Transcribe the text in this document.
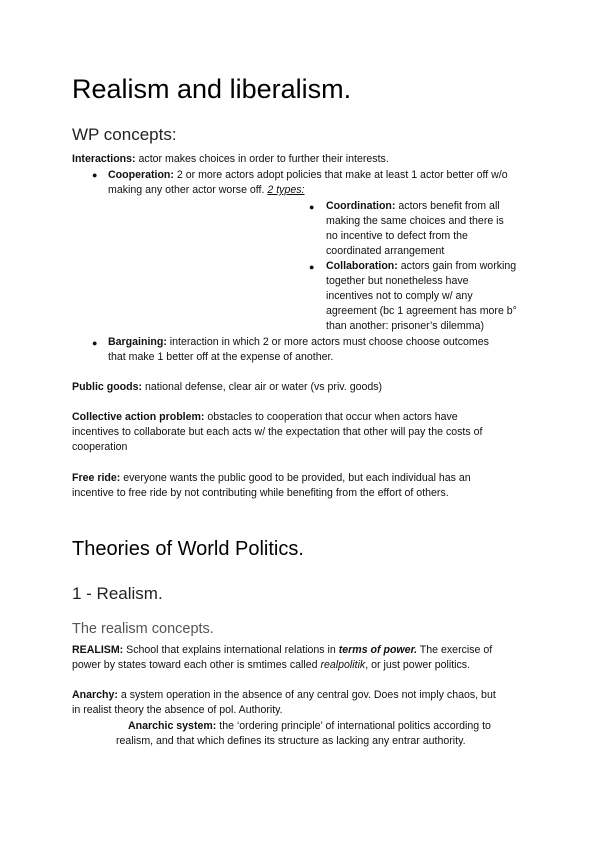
Realism and liberalism.
WP concepts:
Interactions: actor makes choices in order to further their interests.
● Cooperation: 2 or more actors adopt policies that make at least 1 actor better off w/o
making any other actor worse off. 2 types:
● Coordination: actors benefit from all
making the same choices and there is
no incentive to defect from the
coordinated arrangement
● Collaboration: actors gain from working
together but nonetheless have
incentives not to comply w/ any
agreement (bc 1 agreement has more b°
than another: prisoner’s dilemma)
● Bargaining: interaction in which 2 or more actors must choose choose outcomes
that make 1 better off at the expense of another.
Public goods: national defense, clear air or water (vs priv. goods)
Collective action problem: obstacles to cooperation that occur when actors have
incentives to collaborate but each acts w/ the expectation that other will pay the costs of
cooperation
Free ride: everyone wants the public good to be provided, but each individual has an
incentive to free ride by not contributing while benefiting from the effort of others.
Theories of World Politics.
1 - Realism.
The realism concepts.
REALISM: School that explains international relations in terms of power. The exercise of
power by states toward each other is smtimes called realpolitik, or just power politics.
Anarchy: a system operation in the absence of any central gov. Does not imply chaos, but
in realist theory the absence of pol. Authority.
Anarchic system: the ‘ordering principle’ of international politics according to
realism, and that which defines its structure as lacking any entrar authority.
